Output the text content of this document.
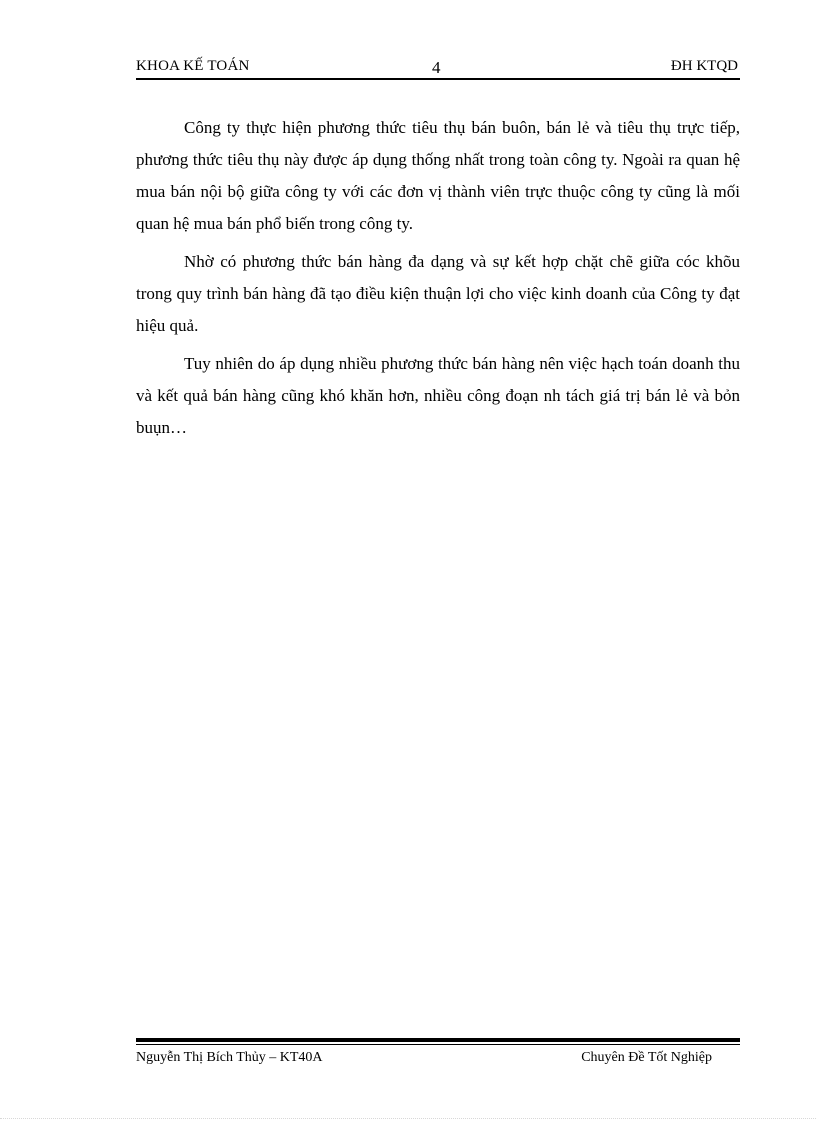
KHOA KẾ TOÁN	4	ĐH KTQD

Công ty thực hiện phương thức tiêu thụ bán buôn, bán lẻ và tiêu thụ trực tiếp, phương thức tiêu thụ này được áp dụng thống nhất trong toàn công ty. Ngoài ra quan hệ mua bán nội bộ giữa công ty với các đơn vị thành viên trực thuộc công ty cũng là mối quan hệ mua bán phổ biến trong công ty.

Nhờ có phương thức bán hàng đa dạng và sự kết hợp chặt chẽ giữa cóc khõu trong quy trình bán hàng đã tạo điều kiện thuận lợi cho việc kinh doanh của Công ty đạt hiệu quả.

Tuy nhiên do áp dụng nhiều phương thức bán hàng nên việc hạch toán doanh thu và kết quả bán hàng cũng khó khăn hơn, nhiều công đoạn nh tách giá trị bán lẻ và bỏn buụn…

Nguyễn Thị Bích Thủy – KT40A	Chuyên Đề Tốt Nghiệp
